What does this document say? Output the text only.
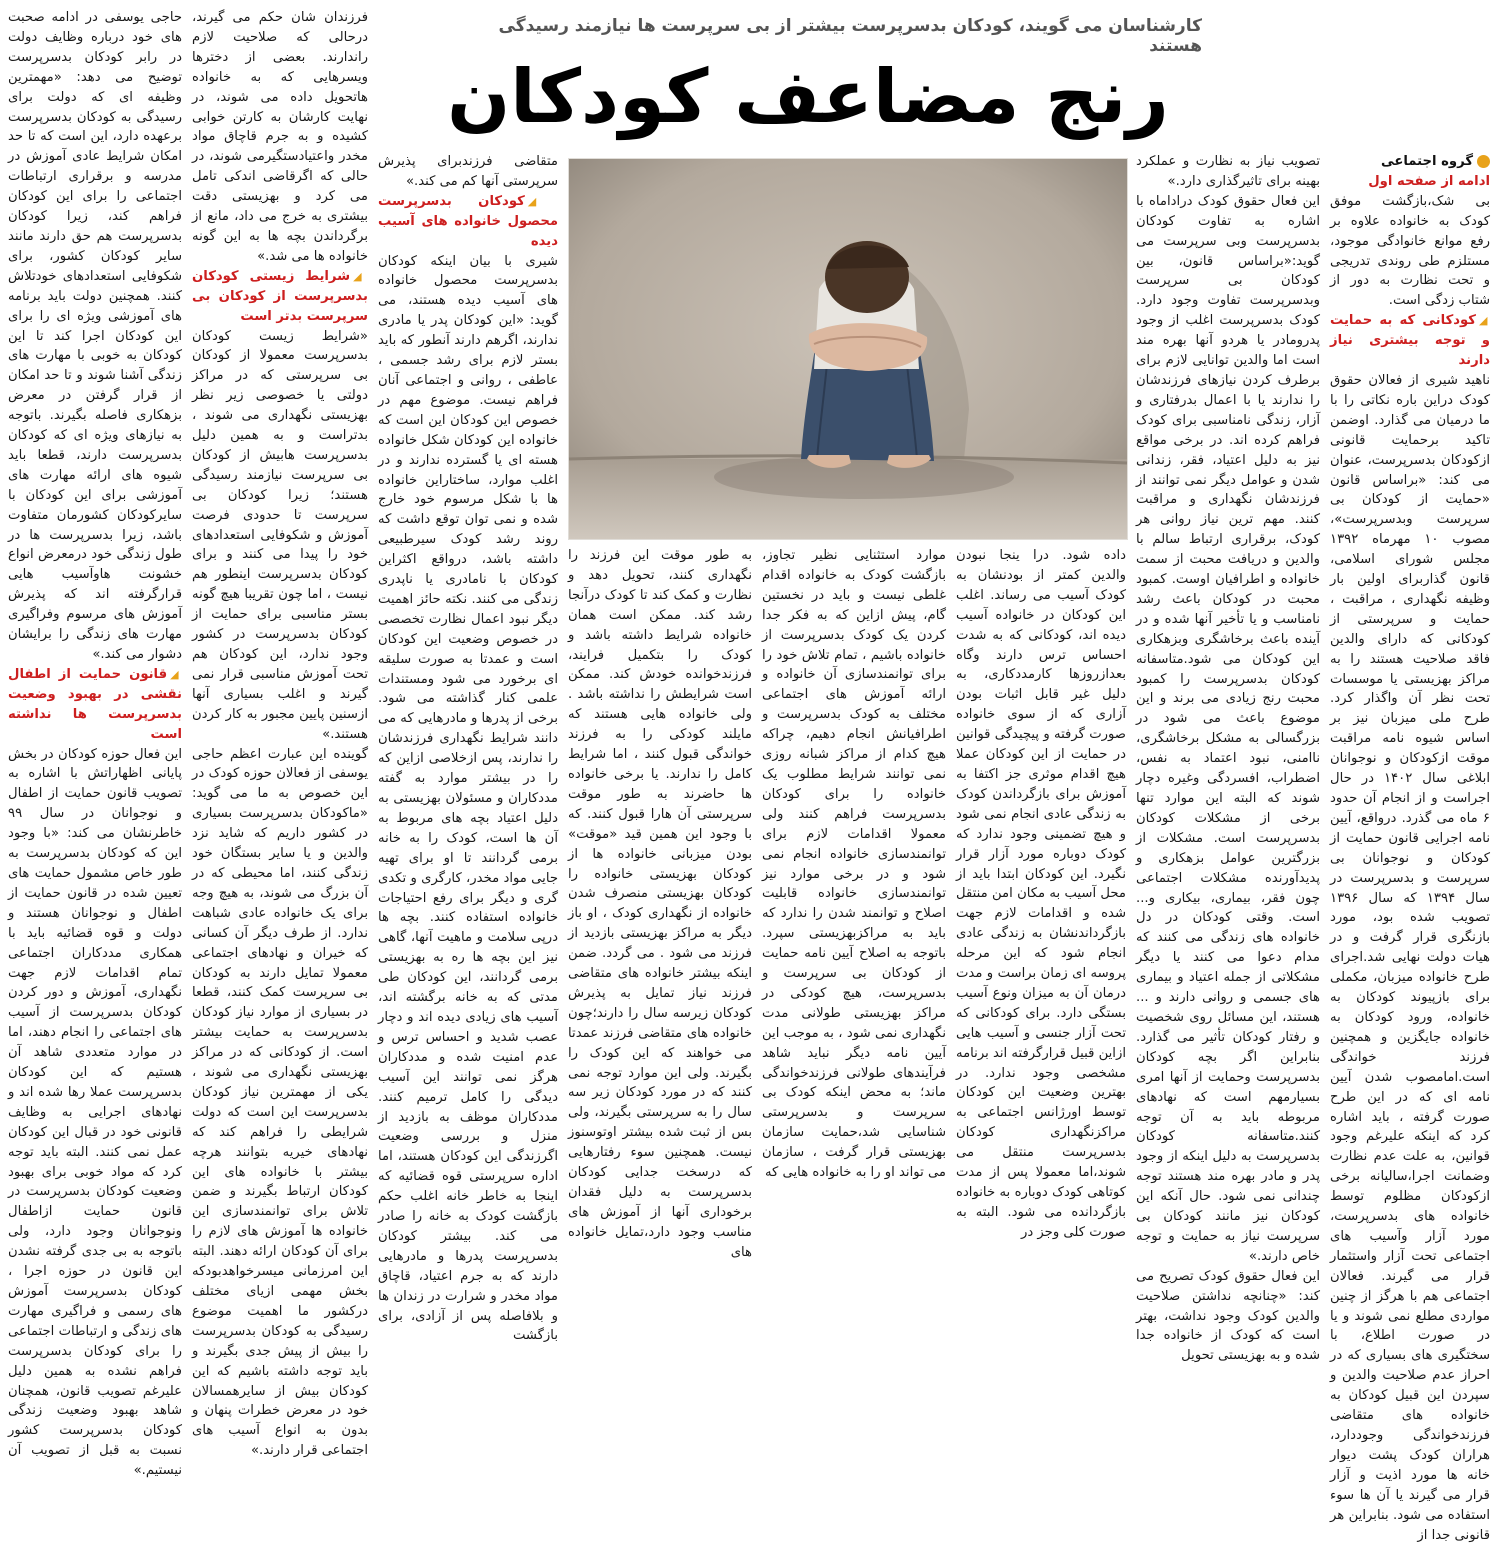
کارشناسان می گویند، کودکان بدسرپرست بیشتر از بی سرپرست ها نیازمند رسیدگی هستند
رنج مضاعف کودکان
گروه اجتماعی
ادامه از صفحه اول

بی شک،بازگشت موفق کودک به خانواده علاوه بر رفع موانع خانوادگی موجود، مستلزم طی روندی تدریجی و تحت نظارت به دور از شتاب زدگی است.

◢ کودکانی که به حمایت و توجه بیشتری نیاز دارند

ناهید شیری از فعالان حقوق کودک دراین باره نکاتی را با ما درمیان می گذارد. اوضمن تاکید برحمایت قانونی ازکودکان بدسرپرست، عنوان می کند: «براساس قانون «حمایت از کودکان بی سرپرست وبدسرپرست»، مصوب ۱۰ مهرماه ۱۳۹۲ مجلس شورای اسلامی، قانون گذاربرای اولین بار وظیفه نگهداری ، مراقبت ، حمایت و سرپرستی از کودکانی که دارای والدین فاقد صلاحیت هستند را به مراکز بهزیستی یا موسسات تحت نظر آن واگذار کرد. طرح ملی میزبان نیز بر اساس شیوه نامه مراقبت موقت ازکودکان و نوجوانان ابلاغی سال ۱۴۰۲ در حال اجراست و از انجام آن حدود ۶ ماه می گذرد. درواقع، آیین نامه اجرایی قانون حمایت از کودکان و نوجوانان بی سرپرست و بدسرپرست در سال ۱۳۹۴ که سال ۱۳۹۶ تصویب شده بود، مورد بازنگری قرار گرفت و در هیات دولت نهایی شد.اجرای طرح خانواده میزبان، مکملی برای بازپیوند کودکان به خانواده، ورود کودکان به خانواده جایگزین و همچنین فرزند خواندگی است.امامصوب شدن آیین نامه ای که در این طرح صورت گرفته ، باید اشاره کرد که اینکه علیرغم وجود قوانین، به علت عدم نظارت وضمانت اجرا،سالیانه برخی ازکودکان مظلوم توسط خانواده های بدسرپرست، مورد آزار وآسیب های اجتماعی تحت آزار واستثمار قرار می گیرند. فعالان اجتماعی هم با هرگز از چنین مواردی مطلع نمی شوند و یا در صورت اطلاع، با سختگیری های بسیاری که در احراز عدم صلاحیت والدین و سپردن این قبیل کودکان به خانواده های متقاضی فرزندخواندگی وجوددارد، هراران کودک پشت دیوار خانه ها مورد اذیت و آزار قرار می گیرند یا آن ها سوء استفاده می شود. بنابراین هر قانونی جدا از

تصویب نیاز به نظارت و عملکرد بهینه برای تاثیرگذاری دارد.»

این فعال حقوق کودک دراداماه با اشاره به تفاوت کودکان بدسرپرست وبی سرپرست می گوید:«براساس قانون، بین کودکان بی سرپرست وبدسرپرست تفاوت وجود دارد. کودک بدسرپرست اغلب از وجود پدرومادر یا هردو آنها بهره مند است اما والدین توانایی لازم برای برطرف کردن نیازهای فرزندشان را ندارند یا با اعمال بدرفتاری و آزار، زندگی نامناسبی برای کودک فراهم کرده اند. در برخی مواقع نیز به دلیل اعتیاد، فقر، زندانی شدن و عوامل دیگر نمی توانند از فرزندشان نگهداری و مراقبت کنند. مهم ترین نیاز روانی هر کودک، برقراری ارتباط سالم با والدین و دریافت محبت از سمت خانواده و اطرافیان اوست. کمبود محبت در کودکان باعث رشد نامناسب و یا تأخیر آنها شده و در آینده باعث برخاشگری وبزهکاری این کودکان می شود.متاسفانه کودکان بدسرپرست را کمبود محبت رنج زیادی می برند و این موضوع باعث می شود در بزرگسالی به مشکل برخاشگری، ناامنی، نبود اعتماد به نفس، اضطراب، افسردگی وغیره دچار شوند که البته این موارد تنها برخی از مشکلات کودکان بدسرپرست است. مشکلات از بزرگترین عوامل بزهکاری و پدیدآورنده مشکلات اجتماعی چون فقر، بیماری، بیکاری و... است. وقتی کودکان در دل خانواده های زندگی می کنند که مدام دعوا می کنند یا دیگر مشکلاتی از جمله اعتیاد و بیماری های جسمی و روانی دارند و ... هستند، این مسائل روی شخصیت و رفتار کودکان تأثیر می گذارد. بنابراین اگر بچه کودکان بدسرپرست وحمایت از آنها امری بسیارمهم است که نهادهای مربوطه باید به آن توجه کنند.متاسفانه کودکان بدسرپرست به دلیل اینکه از وجود پدر و مادر بهره مند هستند توجه چندانی نمی شود. حال آنکه این کودکان نیز مانند کودکان بی سرپرست نیاز به حمایت و توجه خاص دارند.»

این فعال حقوق کودک تصریح می کند: «چنانچه نداشتن صلاحیت والدین کودک وجود نداشت، بهتر است که کودک از خانواده جدا شده و به بهزیستی تحویل

داده شود. درا ینجا نبودن والدین کمتر از بودنشان به کودک آسیب می رساند. اغلب این کودکان در خانواده آسیب دیده اند، کودکانی که به شدت احساس ترس دارند وگاه بعدازروزها کارمددکاری، به دلیل غیر قابل اثبات بودن آزاری که از سوی خانواده صورت گرفته و پیچیدگی قوانین در حمایت از این کودکان عملا هیچ اقدام موثری جز اکتفا به آموزش برای بازگرداندن کودک به زندگی عادی انجام نمی شود و هیچ تضمینی وجود ندارد که کودک دوباره مورد آزار قرار نگیرد. این کودکان ابتدا باید از محل آسیب به مکان امن منتقل شده و اقدامات لازم جهت بازگرداندنشان به زندگی عادی انجام شود که این مرحله پروسه ای زمان براست و مدت درمان آن به میزان ونوع آسیب بستگی دارد. برای کودکانی که تحت آزار جنسی و آسیب هایی ازاین قبیل قرارگرفته اند برنامه مشخصی وجود ندارد. در بهترین وضعیت این کودکان توسط اورژانس اجتماعی به مراکزنگهداری کودکان بدسرپرست منتقل می شوند،اما معمولا پس از مدت کوتاهی کودک دوباره به خانواده بازگردانده می شود. البته به صورت کلی وجز در

موارد استثنایی نظیر تجاوز، بازگشت کودک به خانواده اقدام غلطی نیست و باید در نخستین گام، پیش ازاین که به فکر جدا کردن یک کودک بدسرپرست از خانواده باشیم ، تمام تلاش خود را برای توانمندسازی آن خانواده و ارائه آموزش های اجتماعی مختلف به کودک بدسرپرست و اطرافیانش انجام دهیم، چراکه هیچ کدام از مراکز شبانه روزی نمی توانند شرایط مطلوب یک خانواده را برای کودکان بدسرپرست فراهم کنند ولی معمولا اقدامات لازم برای توانمندسازی خانواده انجام نمی شود و در برخی موارد نیز توانمندسازی خانواده قابلیت اصلاح و توانمند شدن را ندارد که باید به مراکزبهزیستی سپرد. باتوجه به اصلاح آیین نامه حمایت از کودکان بی سرپرست و بدسرپرست، هیچ کودکی در مراکز بهزیستی طولانی مدت نگهداری نمی شود ، به موجب این آیین نامه دیگر نباید شاهد فرآیندهای طولانی فرزندخواندگی ماند؛ به محض اینکه کودک بی سرپرست و بدسرپرستی شناسایی شد،حمایت سازمان بهزیستی قرار گرفت ، سازمان می تواند او را به خانواده هایی که

به طور موقت این فرزند را نگهداری کنند، تحویل دهد و نظارت و کمک کند تا کودک درآنجا رشد کند. ممکن است همان خانواده شرایط داشته باشد و کودک را بتکمیل فرایند، فرزندخوانده خودش کند. ممکن است شرایطش را نداشته باشد . ولی خانواده هایی هستند که مایلند کودکی را به فرزند خواندگی قبول کنند ، اما شرایط کامل را ندارند. یا برخی خانواده ها حاضرند به طور موقت سرپرستی آن هارا قبول کنند. که با وجود این همین قید «موقت» بودن میزبانی خانواده ها از کودکان بهزیستی خانواده را کودکان بهزیستی منصرف شدن خانواده از نگهداری کودک ، او باز دیگر به مراکز بهزیستی بازدید از فرزند می شود . می گردد. ضمن اینکه بیشتر خانواده های متقاضی فرزند نیاز تمایل به پذیرش کودکان زیرسه سال را دارند؛چون خانواده های متقاضی فرزند عمدتا می خواهند که این کودک را بگیرند. ولی این موارد توجه نمی کنند که در مورد کودکان زیر سه سال را به سرپرستی بگیرند، ولی بس از ثبت شده بیشتر اوتوسنوز نیست. همچنین سوء رفتارهایی که درسخت جدایی کودکان بدسرپرست به دلیل فقدان برخوداری آنها از آموزش های مناسب وجود دارد،تمایل خانواده های

متقاضی فرزندبرای پذیرش سرپرستی آنها کم می کند.»

◢ کودکان بدسرپرست محصول خانواده های آسیب دیده

شیری با بیان اینکه کودکان بدسرپرست محصول خانواده های آسیب دیده هستند، می گوید: «این کودکان پدر یا مادری ندارند، اگرهم دارند آنطور که باید بستر لازم برای رشد جسمی ، عاطفی ، روانی و اجتماعی آنان فراهم نیست. موضوع مهم در خصوص این کودکان این است که خانواده این کودکان شکل خانواده هسته ای یا گسترده ندارند و در اغلب موارد، ساختاراین خانواده ها با شکل مرسوم خود خارج شده و نمی توان توقع داشت که روند رشد کودک سیرطبیعی داشته باشد، درواقع اکثراین کودکان با نامادری یا ناپدری زندگی می کنند. نکته حائز اهمیت دیگر نبود اعمال نظارت تخصصی در خصوص وضعیت این کودکان است و عمدتا به صورت سلیقه ای برخورد می شود ومستندات علمی کنار گذاشته می شود. برخی از پدرها و مادرهایی که می دانند شرایط نگهداری فرزندشان را ندارند، پس ازخلاصی ازاین که را در بیشتر موارد به گفته مددکاران و مسئولان بهزیستی به دلیل اعتیاد بچه های مربوط به آن ها است، کودک را به خانه برمی گردانند تا او برای تهیه جایی مواد مخدر، کارگری و تکدی گری و دیگر برای رفع احتیاجات خانواده استفاده کنند. بچه ها درپی سلامت و ماهیت آنها، گاهی نیز این بچه ها ره به بهزیستی برمی گردانند، این کودکان طی مدتی که به خانه برگشته اند، آسیب های زیادی دیده اند و دچار عصب شدید و احساس ترس و عدم امنیت شده و مددکاران هرگز نمی توانند این آسیب دیدگی را کامل ترمیم کنند. مددکاران موظف به بازدید از منزل و بررسی وضعیت اگرزندگی این کودکان هستند، اما اداره سرپرستی قوه قضائیه که اینجا به خاطر خانه اغلب حکم بازگشت کودک به خانه را صادر می کند. بیشتر کودکان بدسرپرست پدرها و مادرهایی دارند که به جرم اعتیاد، قاچاق مواد مخدر و شرارت در زندان ها و بلافاصله پس از آزادی، برای بازگشت

فرزندان شان حکم می گیرند، درحالی که صلاحیت لازم راندارند. بعضی از دخترها ویسرهایی که به خانواده هاتحویل داده می شوند، در نهایت کارشان به کارتن خوابی کشیده و به جرم قاچاق مواد مخدر واعتیادستگیرمی شوند، در حالی که اگرقاضی اندکی تامل می کرد و بهزیستی دقت بیشتری به خرج می داد، مانع از برگرداندن بچه ها به این گونه خانواده ها می شد.»

◢ شرایط زیستی کودکان بدسرپرست از کودکان بی سرپرست بدتر است

«شرایط زیست کودکان بدسرپرست معمولا از کودکان بی سرپرستی که در مراکز دولتی یا خصوصی زیر نظر بهزیستی نگهداری می شوند ، بدتراست و به همین دلیل بدسرپرست هابیش از کودکان بی سرپرست نیازمند رسیدگی هستند؛ زیرا کودکان بی سرپرست تا حدودی فرصت آموزش و شکوفایی استعدادهای خود را پیدا می کنند و برای کودکان بدسرپرست اینطور هم نیست ، اما چون تقریبا هیچ گونه بستر مناسبی برای حمایت از کودکان بدسرپرست در کشور وجود ندارد، این کودکان هم تحت آموزش مناسبی قرار نمی گیرند و اغلب بسیاری آنها ازسنین پایین مجبور به کار کردن هستند.»

گوینده این عبارت اعظم حاجی یوسفی از فعالان حوزه کودک در این خصوص به ما می گوید: «ماکودکان بدسرپرست بسیاری در کشور داریم که شاید نزد والدین و یا سایر بستگان خود زندگی کنند، اما محیطی که در آن بزرگ می شوند، به هیچ وجه برای یک خانواده عادی شباهت ندارد. از طرف دیگر آن کسانی که خیران و نهادهای اجتماعی معمولا تمایل دارند به کودکان بی سرپرست کمک کنند، قطعا در بسیاری از موارد نیاز کودکان بدسرپرست به حمایت بیشتر است. از کودکانی که در مراکز بهزیستی نگهداری می شوند ، یکی از مهمترین نیاز کودکان بدسرپرست این است که دولت شرایطی را فراهم کند که نهادهای خیریه بتوانند هرچه بیشتر با خانواده های این کودکان ارتباط بگیرند و ضمن تلاش برای توانمندسازی این خانواده ها آموزش های لازم را برای آن کودکان ارائه دهند. البته این امرزمانی میسرخواهدبودکه بخش مهمی ازیای مختلف درکشور ما اهمیت موضوع رسیدگی به کودکان بدسرپرست را بیش از پیش جدی بگیرند و باید توجه داشته باشیم که این کودکان بیش از سایرهمسالان خود در معرض خطرات پنهان و بدون به انواع آسیب های اجتماعی قرار دارند.»

حاجی یوسفی در ادامه صحبت های خود درباره وظایف دولت در رابر کودکان بدسرپرست توضیح می دهد: «مهمترین وظیفه ای که دولت برای رسیدگی به کودکان بدسرپرست برعهده دارد، این است که تا حد امکان شرایط عادی آموزش در مدرسه و برقراری ارتباطات اجتماعی را برای این کودکان فراهم کند، زیرا کودکان بدسرپرست هم حق دارند مانند سایر کودکان کشور، برای شکوفایی استعدادهای خودتلاش کنند. همچنین دولت باید برنامه های آموزشی ویژه ای را برای این کودکان اجرا کند تا این کودکان به خوبی با مهارت های زندگی آشنا شوند و تا حد امکان از قرار گرفتن در معرض بزهکاری فاصله بگیرند. باتوجه به نیازهای ویژه ای که کودکان بدسرپرست دارند، قطعا باید شیوه های ارائه مهارت های آموزشی برای این کودکان با سایرکودکان کشورمان متفاوت باشد، زیرا بدسرپرست ها در طول زندگی خود درمعرض انواع خشونت هاوآسیب هایی قرارگرفته اند که پذیرش آموزش های مرسوم وفراگیری مهارت های زندگی را برایشان دشوار می کند.»

◢ قانون حمایت از اطفال نقشی در بهبود وضعیت بدسرپرست ها نداشته است

این فعال حوزه کودکان در بخش پایانی اظهاراتش با اشاره به تصویب قانون حمایت از اطفال و نوجوانان در سال ۹۹ خاطرنشان می کند: «با وجود این که کودکان بدسرپرست به طور خاص مشمول حمایت های تعیین شده در قانون حمایت از اطفال و نوجوانان هستند و دولت و قوه قضائیه باید با همکاری مددکاران اجتماعی تمام اقدامات لازم جهت نگهداری، آموزش و دور کردن کودکان بدسرپرست از آسیب های اجتماعی را انجام دهند، اما در موارد متعددی شاهد آن هستیم که این کودکان بدسرپرست عملا رها شده اند و نهادهای اجرایی به وظایف قانونی خود در قبال این کودکان عمل نمی کنند. البته باید توجه کرد که مواد خوبی برای بهبود وضعیت کودکان بدسرپرست در قانون حمایت ازاطفال ونوجوانان وجود دارد، ولی باتوجه به بی جدی گرفته نشدن این قانون در حوزه اجرا ، کودکان بدسرپرست آموزش های رسمی و فراگیری مهارت های زندگی و ارتباطات اجتماعی را برای کودکان بدسرپرست فراهم نشده به همین دلیل علیرغم تصویب قانون، همچنان شاهد بهبود وضعیت زندگی کودکان بدسرپرست کشور نسبت به قبل از تصویب آن نیستیم.»
